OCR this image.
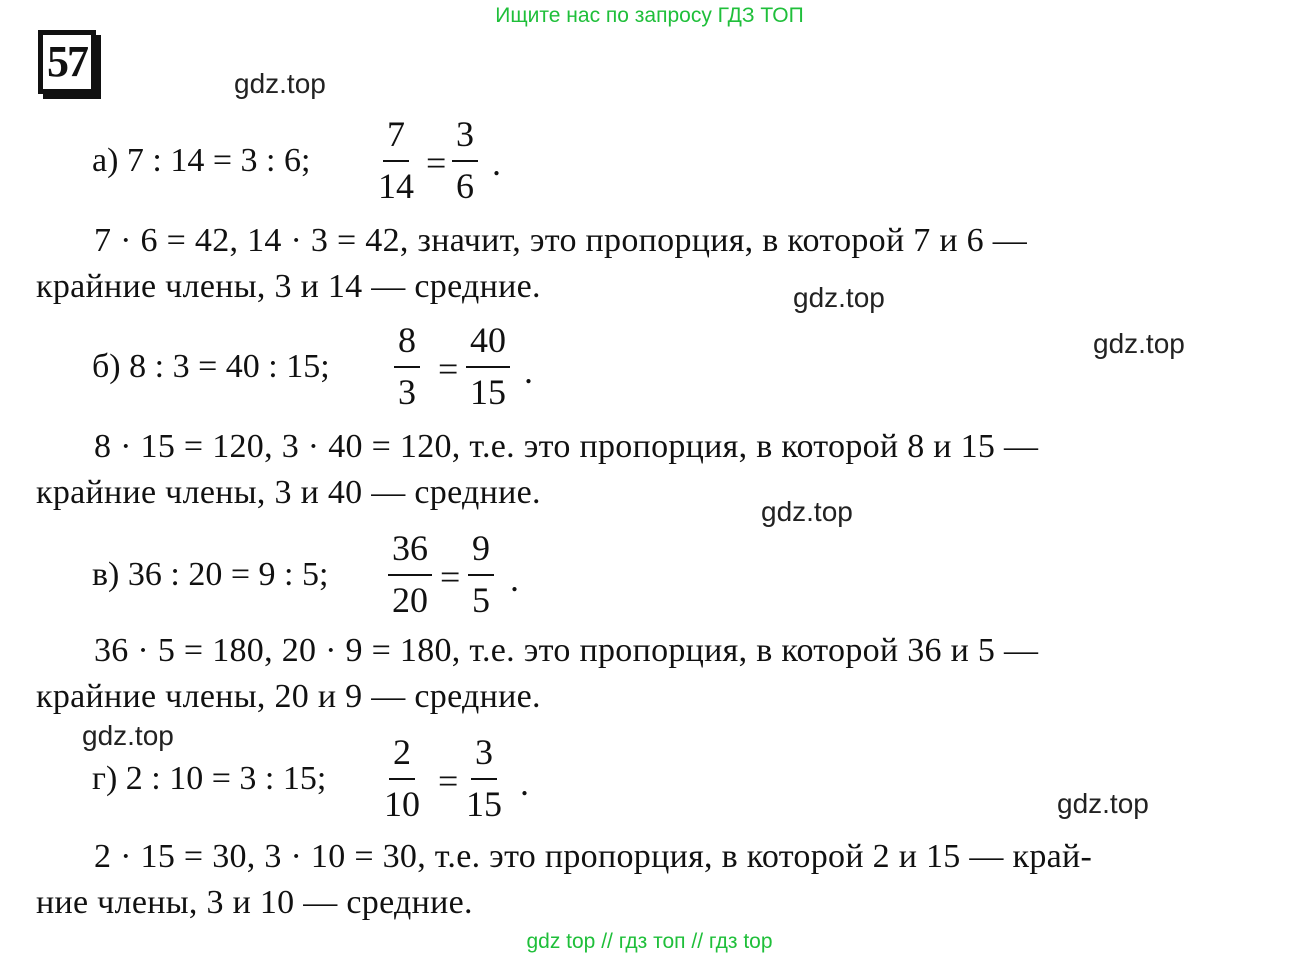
Ищите нас по запросу ГДЗ ТОП
57	gdz.top
gdz.top
gdz.top
gdz.top
gdz.top
gdz.top
а) 7 : 14 = 3 : 6; $\frac{7}{14} = \frac{3}{6}$ .
7 · 6 = 42, 14 · 3 = 42, значит, это пропорция, в которой 7 и 6 —
крайние члены, 3 и 14 — средние.
б) 8 : 3 = 40 : 15; $\frac{8}{3} = \frac{40}{15}$ .
8 · 15 = 120, 3 · 40 = 120, т.е. это пропорция, в которой 8 и 15 —
крайние члены, 3 и 40 — средние.
в) 36 : 20 = 9 : 5; $\frac{36}{20} = \frac{9}{5}$ .
36 · 5 = 180, 20 · 9 = 180, т.е. это пропорция, в которой 36 и 5 —
крайние члены, 20 и 9 — средние.
г) 2 : 10 = 3 : 15; $\frac{2}{10} = \frac{3}{15}$ .
2 · 15 = 30, 3 · 10 = 30, т.е. это пропорция, в которой 2 и 15 — край-
ние члены, 3 и 10 — средние.
gdz top // гдз топ // гдз top
